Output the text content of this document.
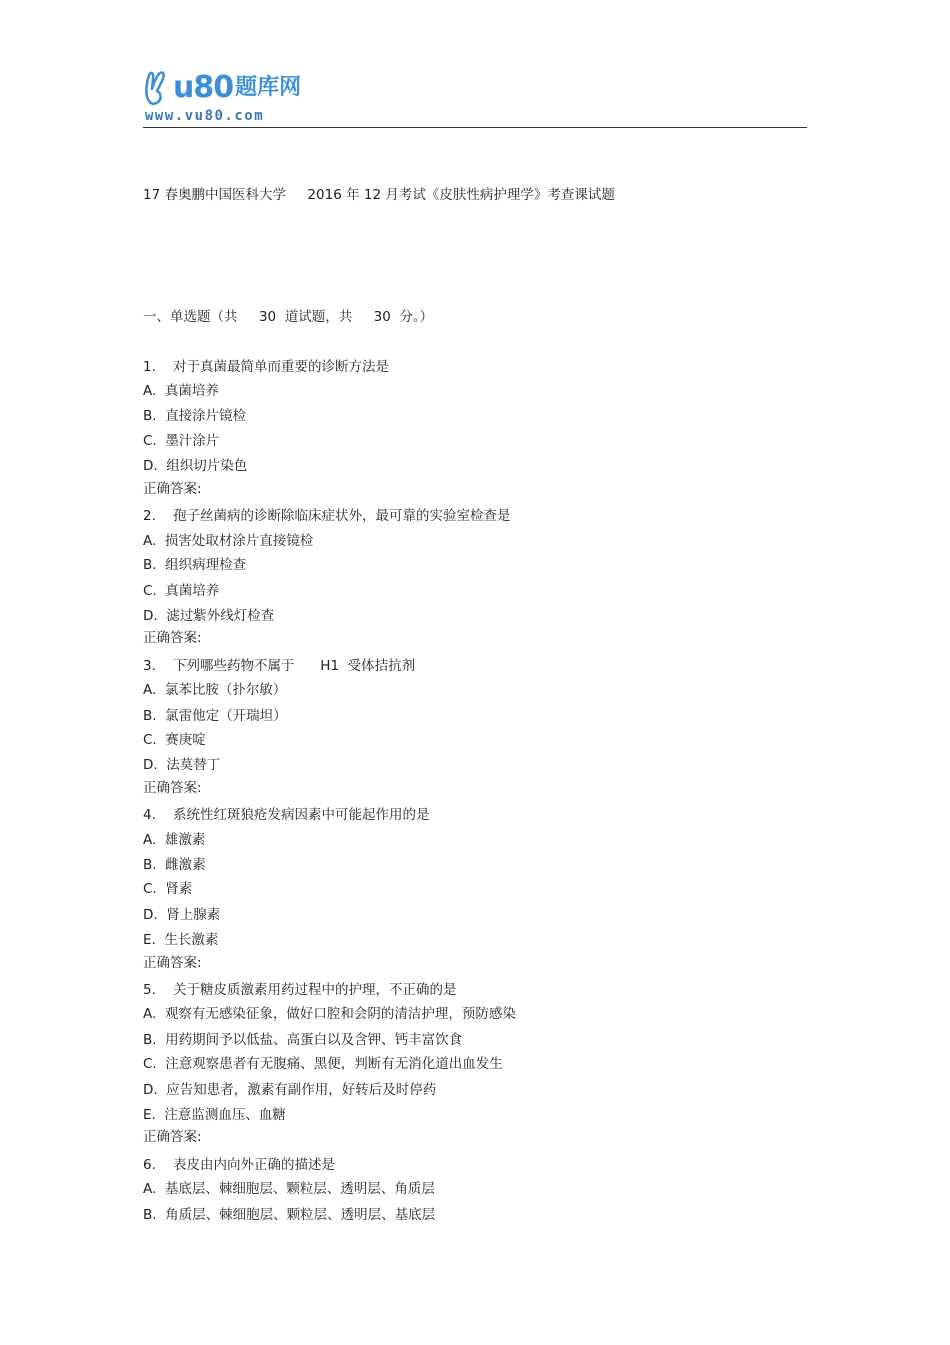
u80 题库网
www.vu80.com
17 春奥鹏中国医科大学     2016 年 12 月考试《皮肤性病护理学》考查课试题
一、单选题（共     30  道试题，共     30  分。）
1.    对于真菌最简单而重要的诊断方法是
A.  真菌培养
B.  直接涂片镜检
C.  墨汁涂片
D.  组织切片染色
正确答案:
2.    孢子丝菌病的诊断除临床症状外，最可靠的实验室检查是
A.  损害处取材涂片直接镜检
B.  组织病理检查
C.  真菌培养
D.  滤过紫外线灯检查
正确答案:
3.    下列哪些药物不属于      H1  受体拮抗剂
A.  氯苯比胺（扑尔敏）
B.  氯雷他定（开瑞坦）
C.  赛庚啶
D.  法莫替丁
正确答案:
4.    系统性红斑狼疮发病因素中可能起作用的是
A.  雄激素
B.  雌激素
C.  肾素
D.  肾上腺素
E.  生长激素
正确答案:
5.    关于糖皮质激素用药过程中的护理，不正确的是
A.  观察有无感染征象，做好口腔和会阴的清洁护理，预防感染
B.  用药期间予以低盐、高蛋白以及含钾、钙丰富饮食
C.  注意观察患者有无腹痛、黑便，判断有无消化道出血发生
D.  应告知患者，激素有副作用，好转后及时停药
E.  注意监测血压、血糖
正确答案:
6.    表皮由内向外正确的描述是
A.  基底层、棘细胞层、颗粒层、透明层、角质层
B.  角质层、棘细胞层、颗粒层、透明层、基底层
